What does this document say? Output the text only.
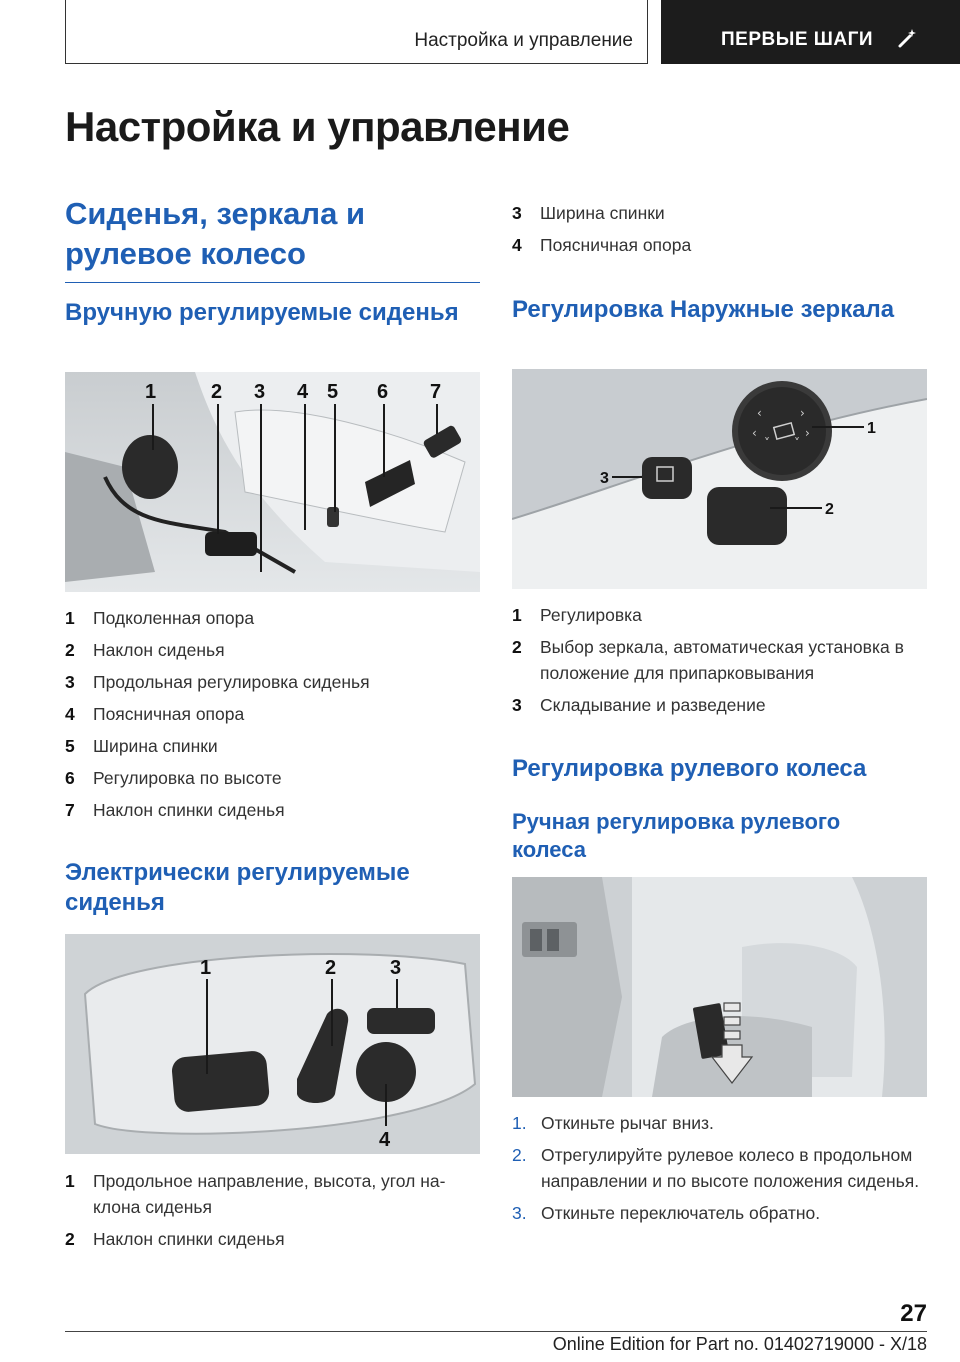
Настройка и управление	ПЕРВЫЕ ШАГИ
Настройка и управление
Сиденья, зеркала и рулевое колесо
Вручную регулируемые сиденья
1	2 3 4 5 6 7
1 Подколенная опора
2 Наклон сиденья
3 Продольная регулировка сиденья
4 Поясничная опора
5 Ширина спинки
6 Регулировка по высоте
7 Наклон спинки сиденья
Электрически регулируемые сиденья
1	2	3
4
1 Продольное направление, высота, угол наклона сиденья
2 Наклон спинки сиденья
3 Ширина спинки
4 Поясничная опора
Регулировка Наружные зеркала
‹	›
‹	›
˅ ˅
1
2
3
1 Регулировка
2 Выбор зеркала, автоматическая установка в положение для припарковывания
3 Складывание и разведение
Регулировка рулевого колеса
Ручная регулировка рулевого колеса
1. Откиньте рычаг вниз.
2. Отрегулируйте рулевое колесо в продольном направлении и по высоте положения сиденья.
3. Откиньте переключатель обратно.
27
Online Edition for Part no. 01402719000 - X/18
